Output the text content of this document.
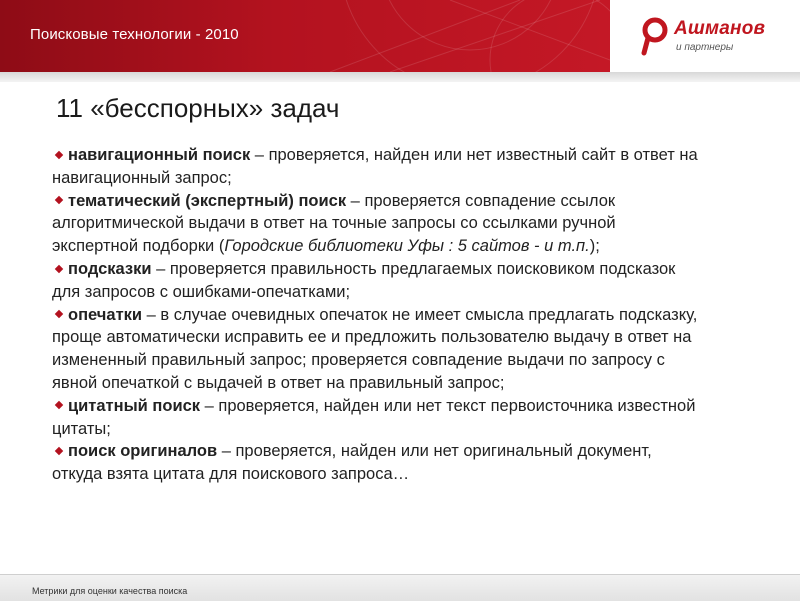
Поисковые технологии - 2010	Ашманов
и партнеры
11 «бесспорных» задач

навигационный поиск – проверяется, найден или нет известный сайт в ответ на навигационный запрос;

тематический (экспертный) поиск – проверяется совпадение ссылок алгоритмической выдачи в ответ на точные запросы со ссылками ручной экспертной подборки (Городские библиотеки Уфы : 5 сайтов - и т.п.);

подсказки – проверяется правильность предлагаемых поисковиком подсказок для запросов с ошибками-опечатками;

опечатки – в случае очевидных опечаток не имеет смысла предлагать подсказку, проще автоматически исправить ее и предложить пользователю выдачу в ответ на измененный правильный запрос; проверяется совпадение выдачи по запросу с явной опечаткой с выдачей в ответ на правильный запрос;

цитатный поиск – проверяется, найден или нет текст первоисточника известной цитаты;

поиск оригиналов – проверяется, найден или нет оригинальный документ, откуда взята цитата для поискового запроса…

Метрики для оценки качества поиска
